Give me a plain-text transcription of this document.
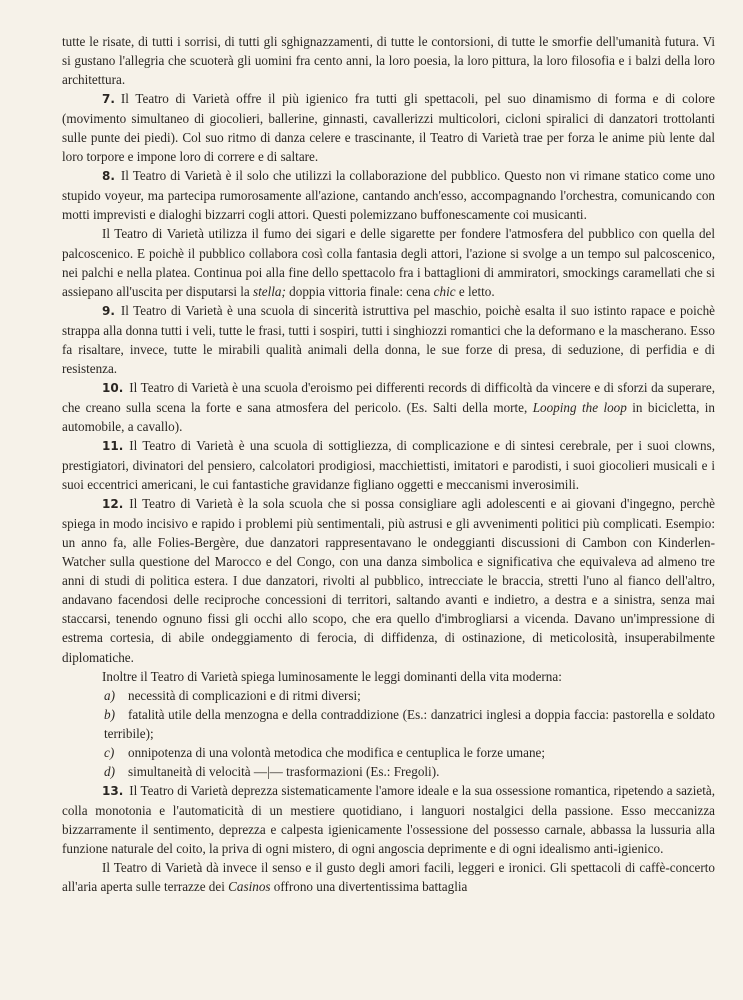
tutte le risate, di tutti i sorrisi, di tutti gli sghignazzamenti, di tutte le contorsioni, di tutte le smorfie dell'umanità futura. Vi si gustano l'allegria che scuoterà gli uomini fra cento anni, la loro poesia, la loro pittura, la loro filosofia e i balzi della loro architettura.

7. Il Teatro di Varietà offre il più igienico fra tutti gli spettacoli, pel suo dinamismo di forma e di colore (movimento simultaneo di giocolieri, ballerine, ginnasti, cavallerizzi multicolori, cicloni spiralici di danzatori trottolanti sulle punte dei piedi). Col suo ritmo di danza celere e trascinante, il Teatro di Varietà trae per forza le anime più lente dal loro torpore e impone loro di correre e di saltare.

8. Il Teatro di Varietà è il solo che utilizzi la collaborazione del pubblico. Questo non vi rimane statico come uno stupido voyeur, ma partecipa rumorosamente all'azione, cantando anch'esso, accompagnando l'orchestra, comunicando con motti imprevisti e dialoghi bizzarri cogli attori. Questi polemizzano buffonescamente coi musicanti.

Il Teatro di Varietà utilizza il fumo dei sigari e delle sigarette per fondere l'atmosfera del pubblico con quella del palcoscenico. E poichè il pubblico collabora così colla fantasia degli attori, l'azione si svolge a un tempo sul palcoscenico, nei palchi e nella platea. Continua poi alla fine dello spettacolo fra i battaglioni di ammiratori, smockings caramellati che si assiepano all'uscita per disputarsi la stella; doppia vittoria finale: cena chic e letto.

9. Il Teatro di Varietà è una scuola di sincerità istruttiva pel maschio, poichè esalta il suo istinto rapace e poichè strappa alla donna tutti i veli, tutte le frasi, tutti i sospiri, tutti i singhiozzi romantici che la deformano e la mascherano. Esso fa risaltare, invece, tutte le mirabili qualità animali della donna, le sue forze di presa, di seduzione, di perfidia e di resistenza.

10. Il Teatro di Varietà è una scuola d'eroismo pei differenti records di difficoltà da vincere e di sforzi da superare, che creano sulla scena la forte e sana atmosfera del pericolo. (Es. Salti della morte, Looping the loop in bicicletta, in automobile, a cavallo).

11. Il Teatro di Varietà è una scuola di sottigliezza, di complicazione e di sintesi cerebrale, per i suoi clowns, prestigiatori, divinatori del pensiero, calcolatori prodigiosi, macchiettisti, imitatori e parodisti, i suoi giocolieri musicali e i suoi eccentrici americani, le cui fantastiche gravidanze figliano oggetti e meccanismi inverosimili.

12. Il Teatro di Varietà è la sola scuola che si possa consigliare agli adolescenti e ai giovani d'ingegno, perchè spiega in modo incisivo e rapido i problemi più sentimentali, più astrusi e gli avvenimenti politici più complicati. Esempio: un anno fa, alle Folies-Bergère, due danzatori rappresentavano le ondeggianti discussioni di Cambon con Kinderlen-Watcher sulla questione del Marocco e del Congo, con una danza simbolica e significativa che equivaleva ad almeno tre anni di studi di politica estera. I due danzatori, rivolti al pubblico, intrecciate le braccia, stretti l'uno al fianco dell'altro, andavano facendosi delle reciproche concessioni di territori, saltando avanti e indietro, a destra e a sinistra, senza mai staccarsi, tenendo ognuno fissi gli occhi allo scopo, che era quello d'imbrogliarsi a vicenda. Davano un'impressione di estrema cortesia, di abile ondeggiamento di ferocia, di diffidenza, di ostinazione, di meticolosità, insuperabilmente diplomatiche.

Inoltre il Teatro di Varietà spiega luminosamente le leggi dominanti della vita moderna:

a) necessità di complicazioni e di ritmi diversi;

b) fatalità utile della menzogna e della contraddizione (Es.: danzatrici inglesi a doppia faccia: pastorella e soldato terribile);

c) onnipotenza di una volontà metodica che modifica e centuplica le forze umane;

d) simultaneità di velocità —|— trasformazioni (Es.: Fregoli).

13. Il Teatro di Varietà deprezza sistematicamente l'amore ideale e la sua ossessione romantica, ripetendo a sazietà, colla monotonia e l'automaticità di un mestiere quotidiano, i languori nostalgici della passione. Esso meccanizza bizzarramente il sentimento, deprezza e calpesta igienicamente l'ossessione del possesso carnale, abbassa la lussuria alla funzione naturale del coito, la priva di ogni mistero, di ogni angoscia deprimente e di ogni idealismo anti-igienico.

Il Teatro di Varietà dà invece il senso e il gusto degli amori facili, leggeri e ironici. Gli spettacoli di caffè-concerto all'aria aperta sulle terrazze dei Casinos offrono una divertentissima battaglia
